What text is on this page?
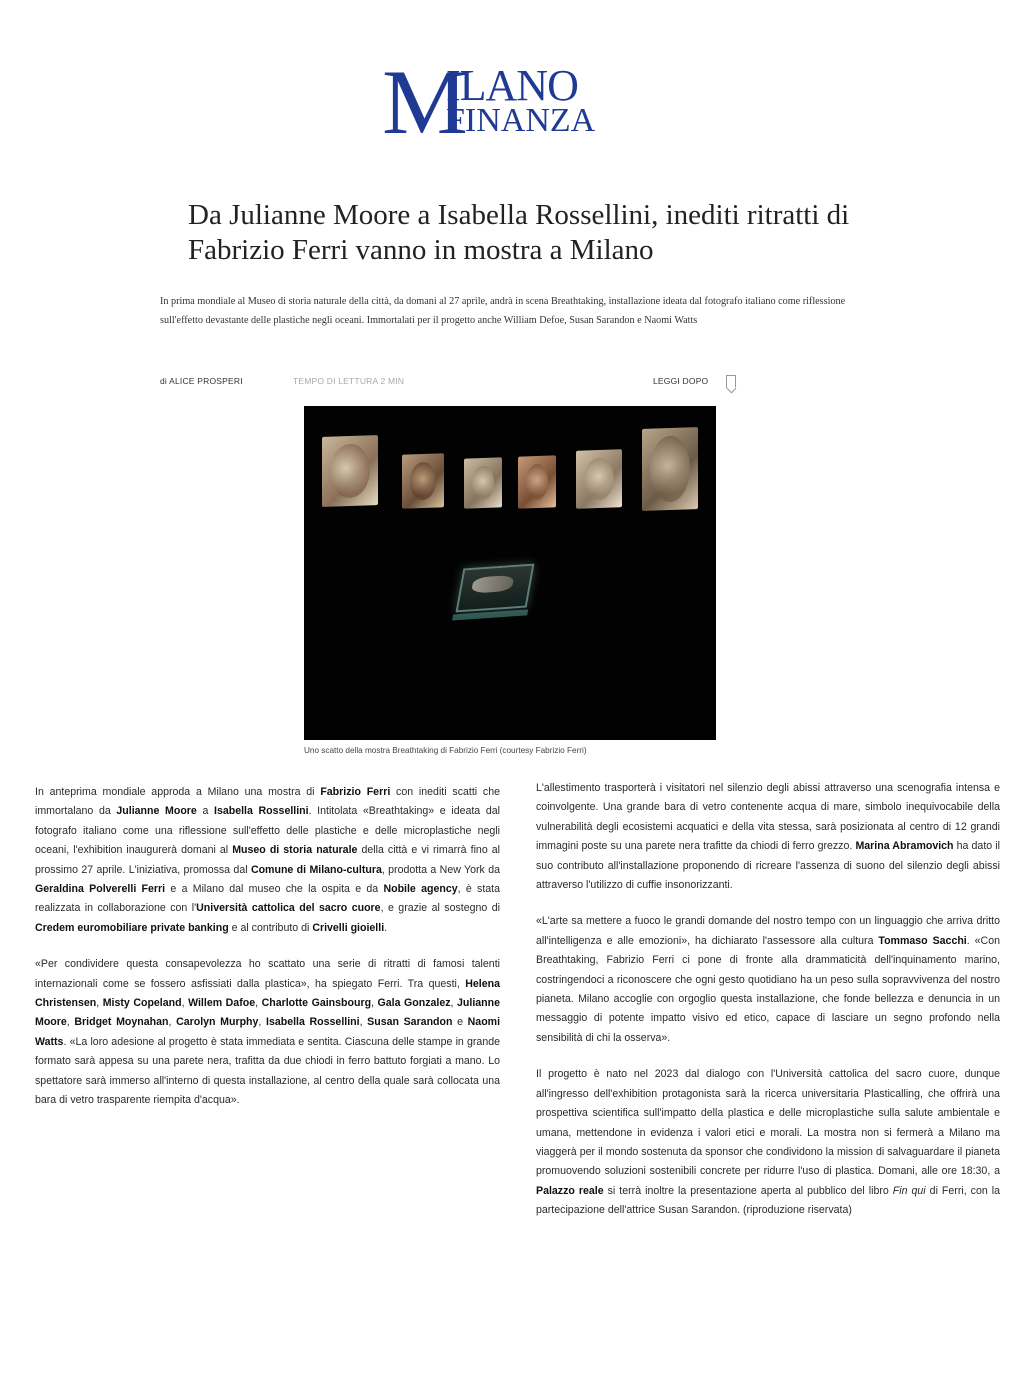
M
ILANO
FINANZA
Da Julianne Moore a Isabella Rossellini, inediti ritratti di Fabrizio Ferri vanno in mostra a Milano

In prima mondiale al Museo di storia naturale della città, da domani al 27 aprile, andrà in scena Breathtaking, installazione ideata dal fotografo italiano come riflessione sull'effetto devastante delle plastiche negli oceani. Immortalati per il progetto anche William Defoe, Susan Sarandon e Naomi Watts

di ALICE PROSPERI	TEMPO DI LETTURA 2 MIN	LEGGI DOPO

Uno scatto della mostra Breathtaking di Fabrizio Ferri (courtesy Fabrizio Ferri)

In anteprima mondiale approda a Milano una mostra di Fabrizio Ferri con inediti scatti che immortalano da Julianne Moore a Isabella Rossellini. Intitolata «Breathtaking» e ideata dal fotografo italiano come una riflessione sull'effetto delle plastiche e delle microplastiche negli oceani, l'exhibition inaugurerà domani al Museo di storia naturale della città e vi rimarrà fino al prossimo 27 aprile. L'iniziativa, promossa dal Comune di Milano-cultura, prodotta a New York da Geraldina Polverelli Ferri e a Milano dal museo che la ospita e da Nobile agency, è stata realizzata in collaborazione con l'Università cattolica del sacro cuore, e grazie al sostegno di Credem euromobiliare private banking e al contributo di Crivelli gioielli.

«Per condividere questa consapevolezza ho scattato una serie di ritratti di famosi talenti internazionali come se fossero asfissiati dalla plastica», ha spiegato Ferri. Tra questi, Helena Christensen, Misty Copeland, Willem Dafoe, Charlotte Gainsbourg, Gala Gonzalez, Julianne Moore, Bridget Moynahan, Carolyn Murphy, Isabella Rossellini, Susan Sarandon e Naomi Watts. «La loro adesione al progetto è stata immediata e sentita. Ciascuna delle stampe in grande formato sarà appesa su una parete nera, trafitta da due chiodi in ferro battuto forgiati a mano. Lo spettatore sarà immerso all'interno di questa installazione, al centro della quale sarà collocata una bara di vetro trasparente riempita d'acqua».

L'allestimento trasporterà i visitatori nel silenzio degli abissi attraverso una scenografia intensa e coinvolgente. Una grande bara di vetro contenente acqua di mare, simbolo inequivocabile della vulnerabilità degli ecosistemi acquatici e della vita stessa, sarà posizionata al centro di 12 grandi immagini poste su una parete nera trafitte da chiodi di ferro grezzo. Marina Abramovich ha dato il suo contributo all'installazione proponendo di ricreare l'assenza di suono del silenzio degli abissi attraverso l'utilizzo di cuffie insonorizzanti.

«L'arte sa mettere a fuoco le grandi domande del nostro tempo con un linguaggio che arriva dritto all'intelligenza e alle emozioni», ha dichiarato l'assessore alla cultura Tommaso Sacchi. «Con Breathtaking, Fabrizio Ferri ci pone di fronte alla drammaticità dell'inquinamento marino, costringendoci a riconoscere che ogni gesto quotidiano ha un peso sulla sopravvivenza del nostro pianeta. Milano accoglie con orgoglio questa installazione, che fonde bellezza e denuncia in un messaggio di potente impatto visivo ed etico, capace di lasciare un segno profondo nella sensibilità di chi la osserva».

Il progetto è nato nel 2023 dal dialogo con l'Università cattolica del sacro cuore, dunque all'ingresso dell'exhibition protagonista sarà la ricerca universitaria Plasticalling, che offrirà una prospettiva scientifica sull'impatto della plastica e delle microplastiche sulla salute ambientale e umana, mettendone in evidenza i valori etici e morali. La mostra non si fermerà a Milano ma viaggerà per il mondo sostenuta da sponsor che condividono la mission di salvaguardare il pianeta promuovendo soluzioni sostenibili concrete per ridurre l'uso di plastica. Domani, alle ore 18:30, a Palazzo reale si terrà inoltre la presentazione aperta al pubblico del libro Fin qui di Ferri, con la partecipazione dell'attrice Susan Sarandon. (riproduzione riservata)
